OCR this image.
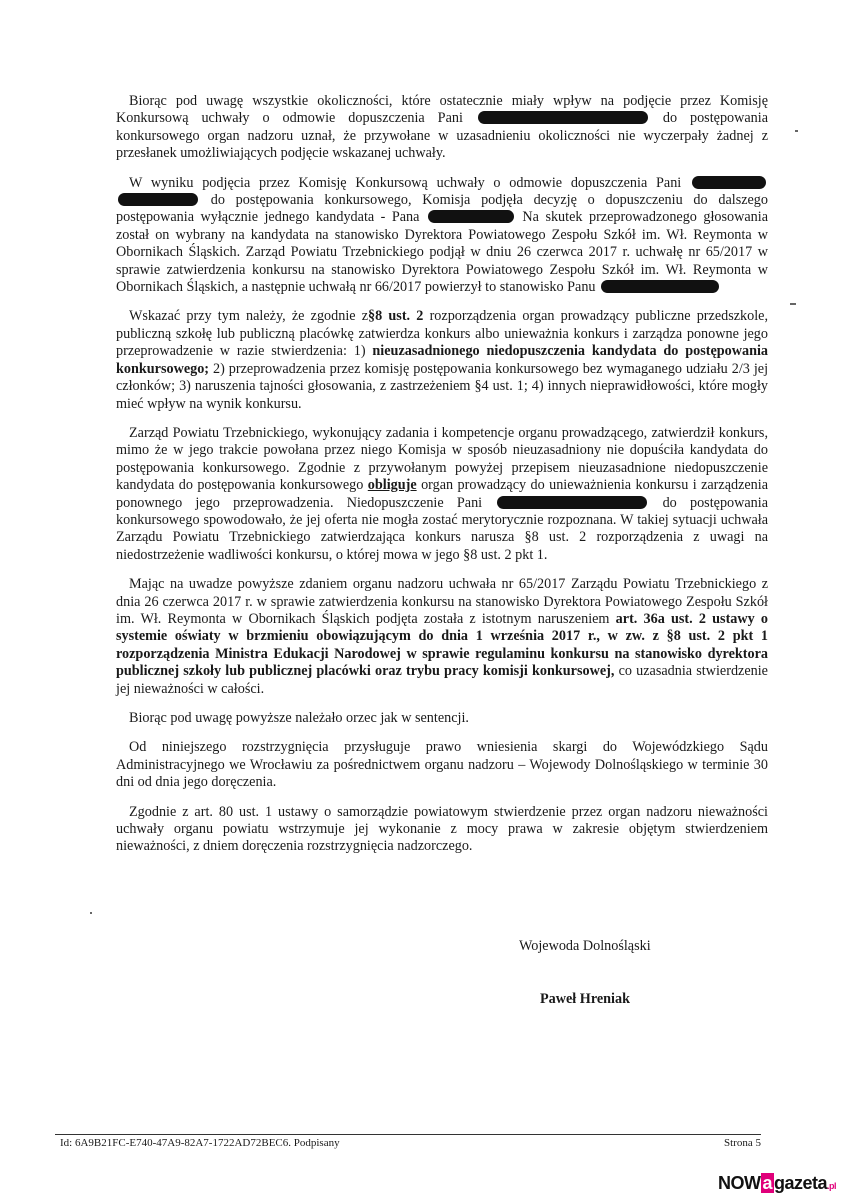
Biorąc pod uwagę wszystkie okoliczności, które ostatecznie miały wpływ na podjęcie przez Komisję Konkursową uchwały o odmowie dopuszczenia Pani	do postępowania konkursowego organ nadzoru uznał, że przywołane w uzasadnieniu okoliczności nie wyczerpały żadnej z przesłanek umożliwiających podjęcie wskazanej uchwały.

W wyniku podjęcia przez Komisję Konkursową uchwały o odmowie dopuszczenia Pani   do postępowania konkursowego, Komisja podjęła decyzję o dopuszczeniu do dalszego postępowania wyłącznie jednego kandydata - Pana	Na skutek przeprowadzonego głosowania został on wybrany na kandydata na stanowisko Dyrektora Powiatowego Zespołu Szkół im. Wł. Reymonta w Obornikach Śląskich. Zarząd Powiatu Trzebnickiego podjął w dniu 26 czerwca 2017 r. uchwałę nr 65/2017 w sprawie zatwierdzenia konkursu na stanowisko Dyrektora Powiatowego Zespołu Szkół im. Wł. Reymonta w Obornikach Śląskich, a następnie uchwałą nr 66/2017 powierzył to stanowisko Panu

Wskazać przy tym należy, że zgodnie z§8 ust. 2 rozporządzenia organ prowadzący publiczne przedszkole, publiczną szkołę lub publiczną placówkę zatwierdza konkurs albo unieważnia konkurs i zarządza ponowne jego przeprowadzenie w razie stwierdzenia: 1) nieuzasadnionego niedopuszczenia kandydata do postępowania konkursowego; 2) przeprowadzenia przez komisję postępowania konkursowego bez wymaganego udziału 2/3 jej członków; 3) naruszenia tajności głosowania, z zastrzeżeniem §4 ust. 1; 4) innych nieprawidłowości, które mogły mieć wpływ na wynik konkursu.

Zarząd Powiatu Trzebnickiego, wykonujący zadania i kompetencje organu prowadzącego, zatwierdził konkurs, mimo że w jego trakcie powołana przez niego Komisja w sposób nieuzasadniony nie dopuściła kandydata do postępowania konkursowego. Zgodnie z przywołanym powyżej przepisem nieuzasadnione niedopuszczenie kandydata do postępowania konkursowego obliguje organ prowadzący do unieważnienia konkursu i zarządzenia ponownego jego przeprowadzenia. Niedopuszczenie Pani	do postępowania konkursowego spowodowało, że jej oferta nie mogła zostać merytorycznie rozpoznana. W takiej sytuacji uchwała Zarządu Powiatu Trzebnickiego zatwierdzająca konkurs narusza §8 ust. 2 rozporządzenia z uwagi na niedostrzeżenie wadliwości konkursu, o której mowa w jego §8 ust. 2 pkt 1.

Mając na uwadze powyższe zdaniem organu nadzoru uchwała nr 65/2017 Zarządu Powiatu Trzebnickiego z dnia 26 czerwca 2017 r. w sprawie zatwierdzenia konkursu na stanowisko Dyrektora Powiatowego Zespołu Szkół im. Wł. Reymonta w Obornikach Śląskich podjęta została z istotnym naruszeniem art. 36a ust. 2 ustawy o systemie oświaty w brzmieniu obowiązującym do dnia 1 września 2017 r., w zw. z §8 ust. 2 pkt 1 rozporządzenia Ministra Edukacji Narodowej w sprawie regulaminu konkursu na stanowisko dyrektora publicznej szkoły lub publicznej placówki oraz trybu pracy komisji konkursowej, co uzasadnia stwierdzenie jej nieważności w całości.

Biorąc pod uwagę powyższe należało orzec jak w sentencji.

Od niniejszego rozstrzygnięcia przysługuje prawo wniesienia skargi do Wojewódzkiego Sądu Administracyjnego we Wrocławiu za pośrednictwem organu nadzoru – Wojewody Dolnośląskiego w terminie 30 dni od dnia jego doręczenia.

Zgodnie z art. 80 ust. 1 ustawy o samorządzie powiatowym stwierdzenie przez organ nadzoru nieważności uchwały organu powiatu wstrzymuje jej wykonanie z mocy prawa w zakresie objętym stwierdzeniem nieważności, z dniem doręczenia rozstrzygnięcia nadzorczego.

Wojewoda Dolnośląski
Paweł Hreniak
Id: 6A9B21FC-E740-47A9-82A7-1722AD72BEC6. Podpisany	Strona 5
NOW a gazeta.pl
